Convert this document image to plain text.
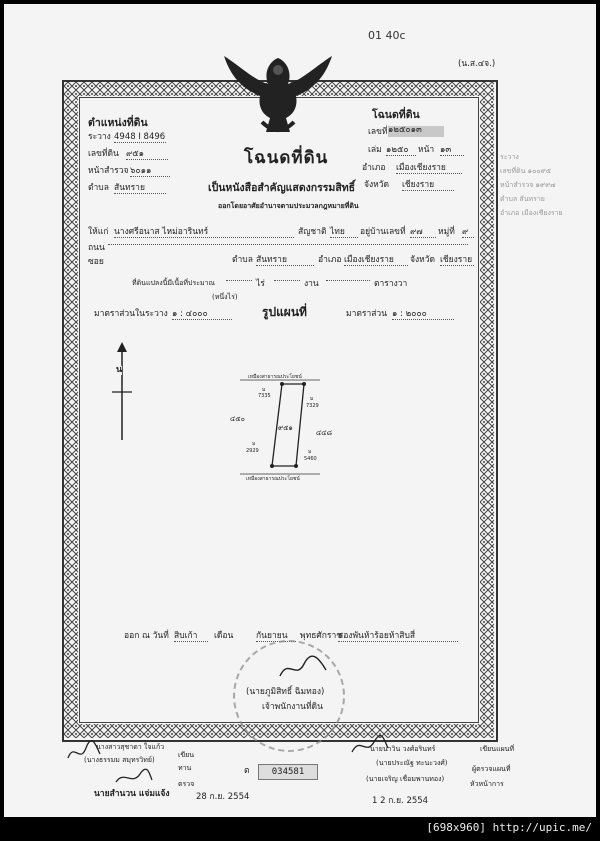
01 40c
(น.ส.๔จ.)
ตำแหน่งที่ดิน
ระวาง 4948 I 8496
เลขที่ดิน ๙๕๑
หน้าสำรวจ ๖๐๑๑
ตำบล สันทราย
โฉนดที่ดิน
เลขที่ ๑๒๕๐๑๓
เล่ม ๑๒๕๐	หน้า ๑๓
อำเภอ เมืองเชียงราย
จังหวัด เชียงราย
ระวาง
เลขที่ดิน ๑๐๐๙๕
หน้าสำรวจ ๑๙๙๗
ตำบล สันทราย
อำเภอ เมืองเชียงราย
โฉนดที่ดิน
เป็นหนังสือสำคัญแสดงกรรมสิทธิ์
ออกโดยอาศัยอำนาจตามประมวลกฎหมายที่ดิน
ให้แก่ นางศรีอนาส ไหม่อารินทร์	สัญชาติ ไทย	อยู่บ้านเลขที่ ๙๗	หมู่ที่ ๙
ถนน
ซอย	ตำบล สันทราย	อำเภอ เมืองเชียงราย	จังหวัด เชียงราย
ที่ดินแปลงนี้มีเนื้อที่ประมาณ	ไร่	งาน	ตารางวา
(หนึ่งไร่)
มาตราส่วนในระวาง ๑ : ๔๐๐๐	รูปแผนที่	มาตราส่วน ๑ : ๒๐๐๐
น
เหมืองสาธารณประโยชน์
เหมืองสาธารณประโยชน์
๔๕๐
๔๔๘
๙๕๑
ม
7335	ม
7329
ม
2929	ม
5460
ออก ณ วันที่ สิบเก้า	เดือน	กันยายน	พุทธศักราช
สองพันห้าร้อยห้าสิบสี่
(นายภูมิสิทธิ์ ฉิมทอง)
เจ้าพนักงานที่ดิน
นางสาวสุชาดา ใจแก้ว
เขียน
(นางธรรมม สมุทรวิทย์)
ทาน
นายสำนวน แจ่มแจ้ง
ตรวจ
ต	034581
28 ก.ย. 2554	1 2 ก.ย. 2554
นายนาวิน วงศ์อรินทร์	เขียนแผนที่
(นายประณัฐ ทะนะวงศ์)
ผู้ตรวจแผนที่
(นายเจริญ เชื่อมพานทอง)
หัวหน้าการ
[698x960] http://upic.me/
